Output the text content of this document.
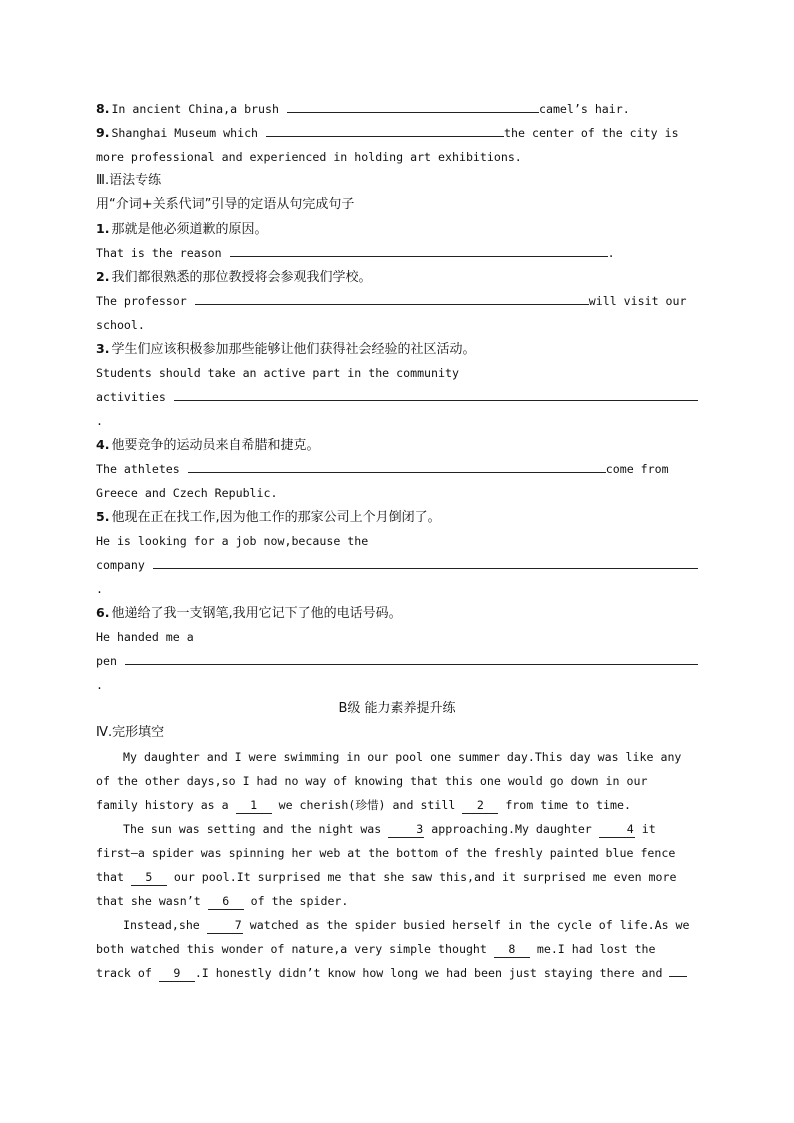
8. In ancient China,a brush	camel’s hair.
9. Shanghai Museum which	the center of the city is
more professional and experienced in holding art exhibitions.
Ⅲ.语法专练
用“介词+关系代词”引导的定语从句完成句子
1. 那就是他必须道歉的原因。
That is the reason	.
2. 我们都很熟悉的那位教授将会参观我们学校。
The professor	will visit our
school.
3. 学生们应该积极参加那些能够让他们获得社会经验的社区活动。
Students should take an active part in the community
activities
.
4. 他要竞争的运动员来自希腊和捷克。
The athletes	come from
Greece and Czech Republic.
5. 他现在正在找工作,因为他工作的那家公司上个月倒闭了。
He is looking for a job now,because the
company
.
6. 他递给了我一支钢笔,我用它记下了他的电话号码。
He handed me a
pen
.
B级 能力素养提升练
Ⅳ.完形填空
My daughter and I were swimming in our pool one summer day.This day was like any
of the other days,so I had no way of knowing that this one would go down in our
family history as a 1 we cherish(珍惜) and still 2 from time to time.
The sun was setting and the night was	3 approaching.My daughter	4 it
first—a spider was spinning her web at the bottom of the freshly painted blue fence
that 5 our pool.It surprised me that she saw this,and it surprised me even more
that she wasn’t 6 of the spider.
Instead,she	7 watched as the spider busied herself in the cycle of life.As we
both watched this wonder of nature,a very simple thought 8 me.I had lost the
track of 9 .I honestly didn’t know how long we had been just staying there and
